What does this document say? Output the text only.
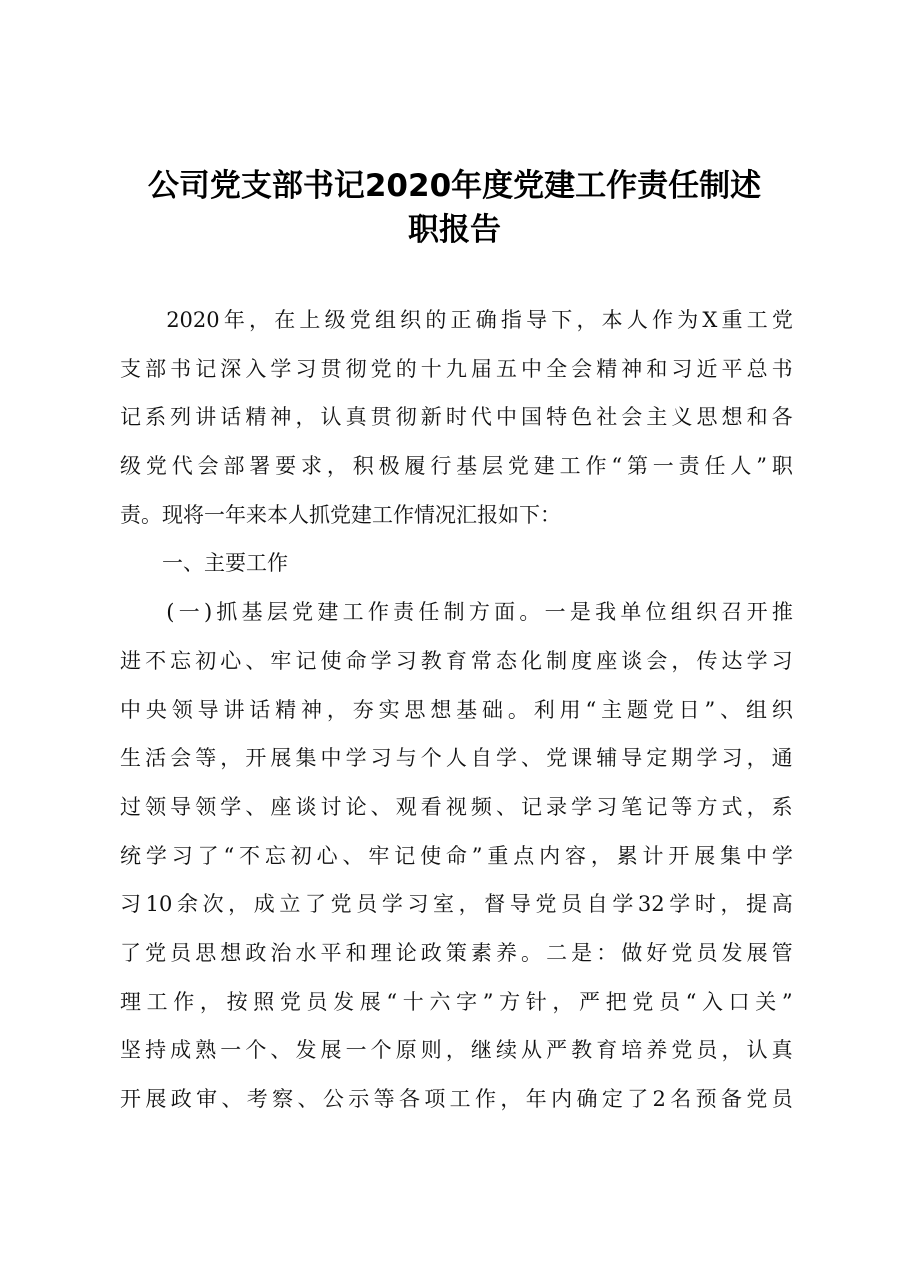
公司党支部书记2020年度党建工作责任制述
职报告

2020 年 ， 在 上 级 党 组 织 的 正 确 指 导 下 ， 本 人 作 为 X 重 工 党
支 部 书 记 深 入 学 习 贯 彻 党 的 十 九 届 五 中 全 会 精 神 和 习 近 平 总 书
记 系 列 讲 话 精 神 ， 认 真 贯 彻 新 时 代 中 国 特 色 社 会 主 义 思 想 和 各
级 党 代 会 部 署 要 求 ， 积 极 履 行 基 层 党 建 工 作 “ 第 一 责 任 人 ” 职
责。现将一年来本人抓党建工作情况汇报如下：
　　一、主要工作

( 一 ) 抓 基 层 党 建 工 作 责 任 制 方 面 。 一 是 我 单 位 组 织 召 开 推
进 不 忘 初 心 、 牢 记 使 命 学 习 教 育 常 态 化 制 度 座 谈 会 ， 传 达 学 习
中 央 领 导 讲 话 精 神 ， 夯 实 思 想 基 础 。 利 用 “ 主 题 党 日 ” 、 组 织
生 活 会 等 ， 开 展 集 中 学 习 与 个 人 自 学 、 党 课 辅 导 定 期 学 习 ， 通
过 领 导 领 学 、 座 谈 讨 论 、 观 看 视 频 、 记 录 学 习 笔 记 等 方 式 ， 系
统 学 习 了 “ 不 忘 初 心 、 牢 记 使 命 ” 重 点 内 容 ， 累 计 开 展 集 中 学
习 10 余 次 ， 成 立 了 党 员 学 习 室 ， 督 导 党 员 自 学 32 学 时 ， 提 高
了 党 员 思 想 政 治 水 平 和 理 论 政 策 素 养 。 二 是 ： 做 好 党 员 发 展 管
理 工 作 ， 按 照 党 员 发 展 “ 十 六 字 ” 方 针 ， 严 把 党 员 “ 入 口 关 ”
坚 持 成 熟 一 个 、 发 展 一 个 原 则 ， 继 续 从 严 教 育 培 养 党 员 ， 认 真
开 展 政 审 、 考 察 、 公 示 等 各 项 工 作 ， 年 内 确 定 了 2 名 预 备 党 员
